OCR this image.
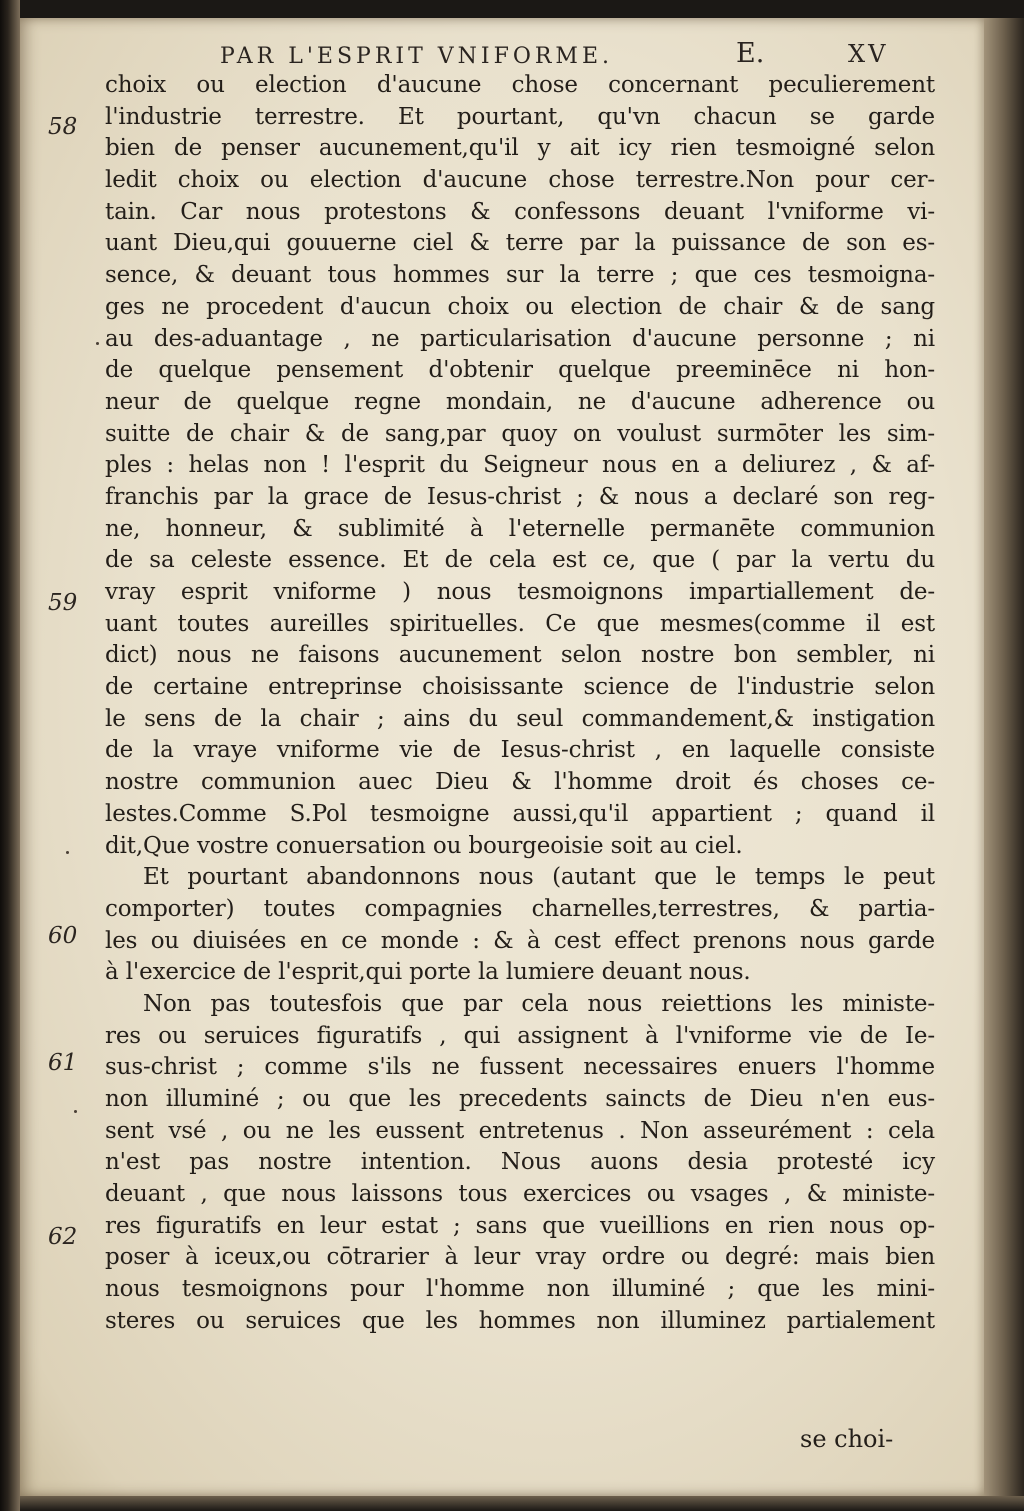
PAR L'ESPRIT VNIFORME.	E.	XV
choix ou election d'aucune chose concernant peculierement
l'industrie terrestre. Et pourtant, qu'vn chacun se garde
bien de penser aucunement,qu'il y ait icy rien tesmoigné selon
ledit choix ou election d'aucune chose terrestre.Non pour cer-
tain. Car nous protestons & confessons deuant l'vniforme vi-
uant Dieu,qui gouuerne ciel & terre par la puissance de son es-
sence, & deuant tous hommes sur la terre ; que ces tesmoigna-
ges ne procedent d'aucun choix ou election de chair & de sang
au des-aduantage , ne particularisation d'aucune personne ; ni
de quelque pensement d'obtenir quelque preeminēce ni hon-
neur de quelque regne mondain, ne d'aucune adherence ou
suitte de chair & de sang,par quoy on voulust surmōter les sim-
ples : helas non ! l'esprit du Seigneur nous en a deliurez , & af-
franchis par la grace de Iesus-christ ; & nous a declaré son reg-
ne, honneur, & sublimité à l'eternelle permanēte communion
de sa celeste essence. Et de cela est ce, que ( par la vertu du
vray esprit vniforme ) nous tesmoignons impartiallement de-
uant toutes aureilles spirituelles. Ce que mesmes(comme il est
dict) nous ne faisons aucunement selon nostre bon sembler, ni
de certaine entreprinse choisissante science de l'industrie selon
le sens de la chair ; ains du seul commandement,& instigation
de la vraye vniforme vie de Iesus-christ , en laquelle consiste
nostre communion auec Dieu & l'homme droit és choses ce-
lestes.Comme S.Pol tesmoigne aussi,qu'il appartient ; quand il
dit,Que vostre conuersation ou bourgeoisie soit au ciel.
Et pourtant abandonnons nous (autant que le temps le peut
comporter) toutes compagnies charnelles,terrestres, & partia-
les ou diuisées en ce monde : & à cest effect prenons nous garde
à l'exercice de l'esprit,qui porte la lumiere deuant nous.
Non pas toutesfois que par cela nous reiettions les ministe-
res ou seruices figuratifs , qui assignent à l'vniforme vie de Ie-
sus-christ ; comme s'ils ne fussent necessaires enuers l'homme
non illuminé ; ou que les precedents saincts de Dieu n'en eus-
sent vsé , ou ne les eussent entretenus . Non asseurément : cela
n'est pas nostre intention. Nous auons desia protesté icy
deuant , que nous laissons tous exercices ou vsages , & ministe-
res figuratifs en leur estat ; sans que vueillions en rien nous op-
poser à iceux,ou cōtrarier à leur vray ordre ou degré: mais bien
nous tesmoignons pour l'homme non illuminé ; que les mini-
steres ou seruices que les hommes non illuminez partialement
se choi-
58
59
60
61
62
